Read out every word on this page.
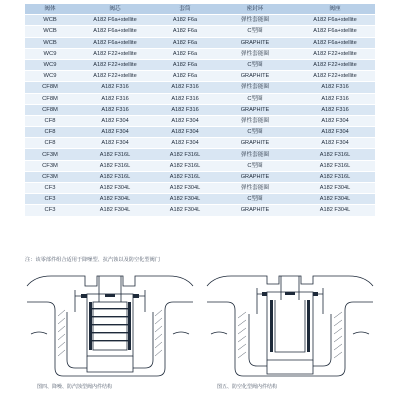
阀体	阀芯	套筒	密封环	阀座
WCB	A182 F6a+stellite	A182 F6a	弹性套能圈	A182 F6a+stellite
WCB	A182 F6a+stellite	A182 F6a	C型圈	A182 F6a+stellite
WCB	A182 F6a+stellite	A182 F6a	GRAPHITE	A182 F6a+stellite
WC9	A182 F22+stellite	A182 F6a	弹性套能圈	A182 F22+stellite
WC9	A182 F22+stellite	A182 F6a	C型圈	A182 F22+stellite
WC9	A182 F22+stellite	A182 F6a	GRAPHITE	A182 F22+stellite
CF8M	A182 F316	A182 F316	弹性套能圈	A182 F316
CF8M	A182 F316	A182 F316	C型圈	A182 F316
CF8M	A182 F316	A182 F316	GRAPHITE	A182 F316
CF8	A182 F304	A182 F304	弹性套能圈	A182 F304
CF8	A182 F304	A182 F304	C型圈	A182 F304
CF8	A182 F304	A182 F304	GRAPHITE	A182 F304
CF3M	A182 F316L	A182 F316L	弹性套能圈	A182 F316L
CF3M	A182 F316L	A182 F316L	C型圈	A182 F316L
CF3M	A182 F316L	A182 F316L	GRAPHITE	A182 F316L
CF3	A182 F304L	A182 F304L	弹性套能圈	A182 F304L
CF3	A182 F304L	A182 F304L	C型圈	A182 F304L
CF3	A182 F304L	A182 F304L	GRAPHITE	A182 F304L
注：该零部件组合适用于降噪型、抗汽蚀以及防空化型阀门
图四、降噪、防汽蚀型阀内件结构	图五、防空化型阀内件结构
